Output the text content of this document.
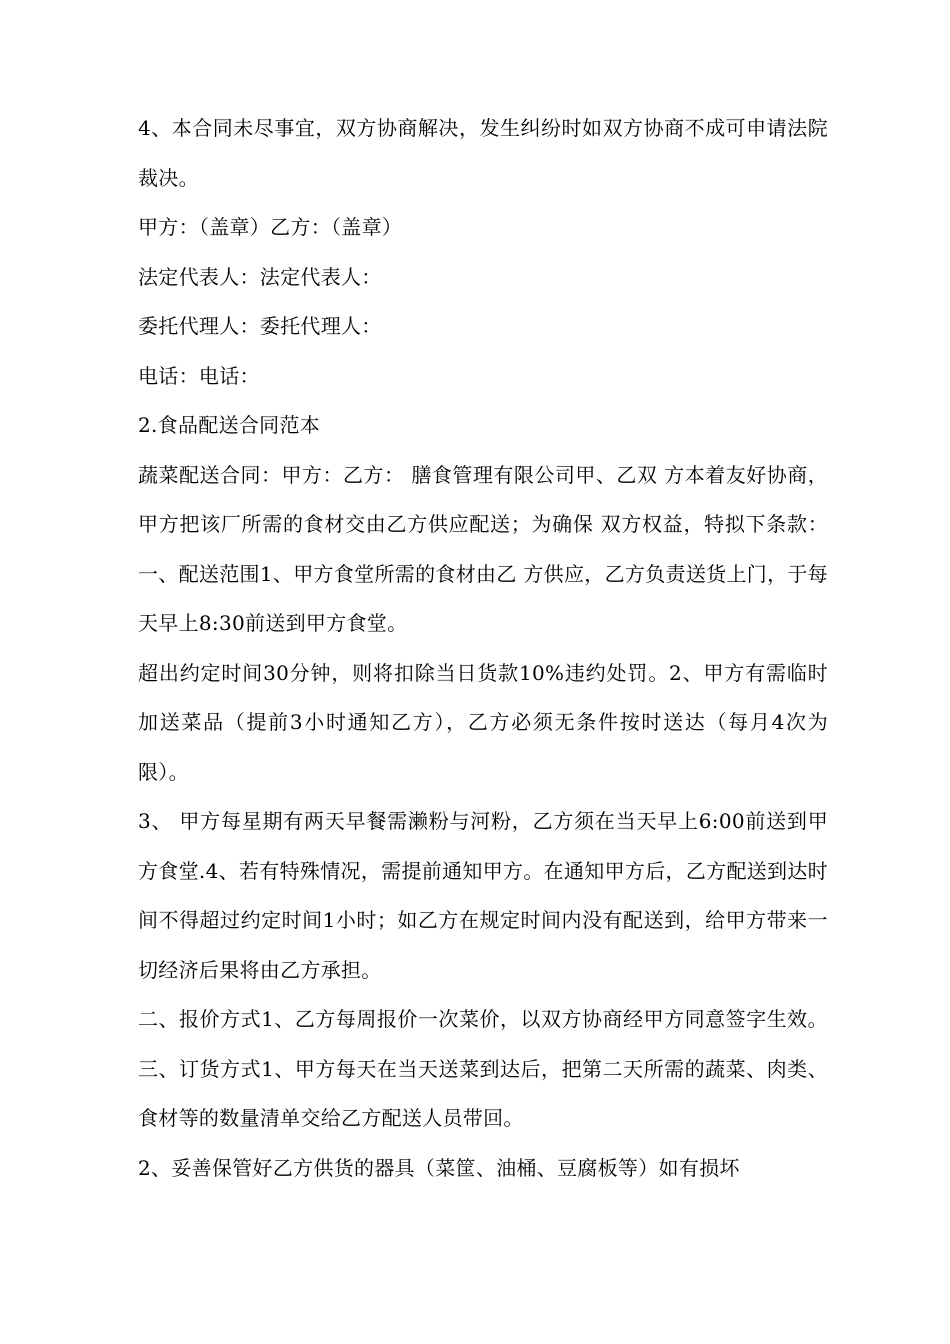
4、本合同未尽事宜，双方协商解决，发生纠纷时如双方协商不成可申请法院裁决。

甲方：（盖章）乙方：（盖章）

法定代表人：法定代表人：

委托代理人：委托代理人：

电话：电话：

2.食品配送合同范本

蔬菜配送合同：甲方：乙方： 膳食管理有限公司甲、乙双 方本着友好协商，甲方把该厂所需的食材交由乙方供应配送；为确保 双方权益，特拟下条款：一、配送范围1、甲方食堂所需的食材由乙 方供应，乙方负责送货上门，于每天早上8:30前送到甲方食堂。

超出约定时间30分钟，则将扣除当日货款10%违约处罚。2、甲方有需临时加送菜品（提前3小时通知乙方），乙方必须无条件按时送达（每月4次为限）。

3、 甲方每星期有两天早餐需濑粉与河粉，乙方须在当天早上6:00前送到甲方食堂.4、若有特殊情况，需提前通知甲方。在通知甲方后，乙方配送到达时间不得超过约定时间1小时；如乙方在规定时间内没有配送到，给甲方带来一切经济后果将由乙方承担。

二、报价方式1、乙方每周报价一次菜价，以双方协商经甲方同意签字生效。三、订货方式1、甲方每天在当天送菜到达后，把第二天所需的蔬菜、肉类、食材等的数量清单交给乙方配送人员带回。

2、妥善保管好乙方供货的器具（菜筐、油桶、豆腐板等）如有损坏
